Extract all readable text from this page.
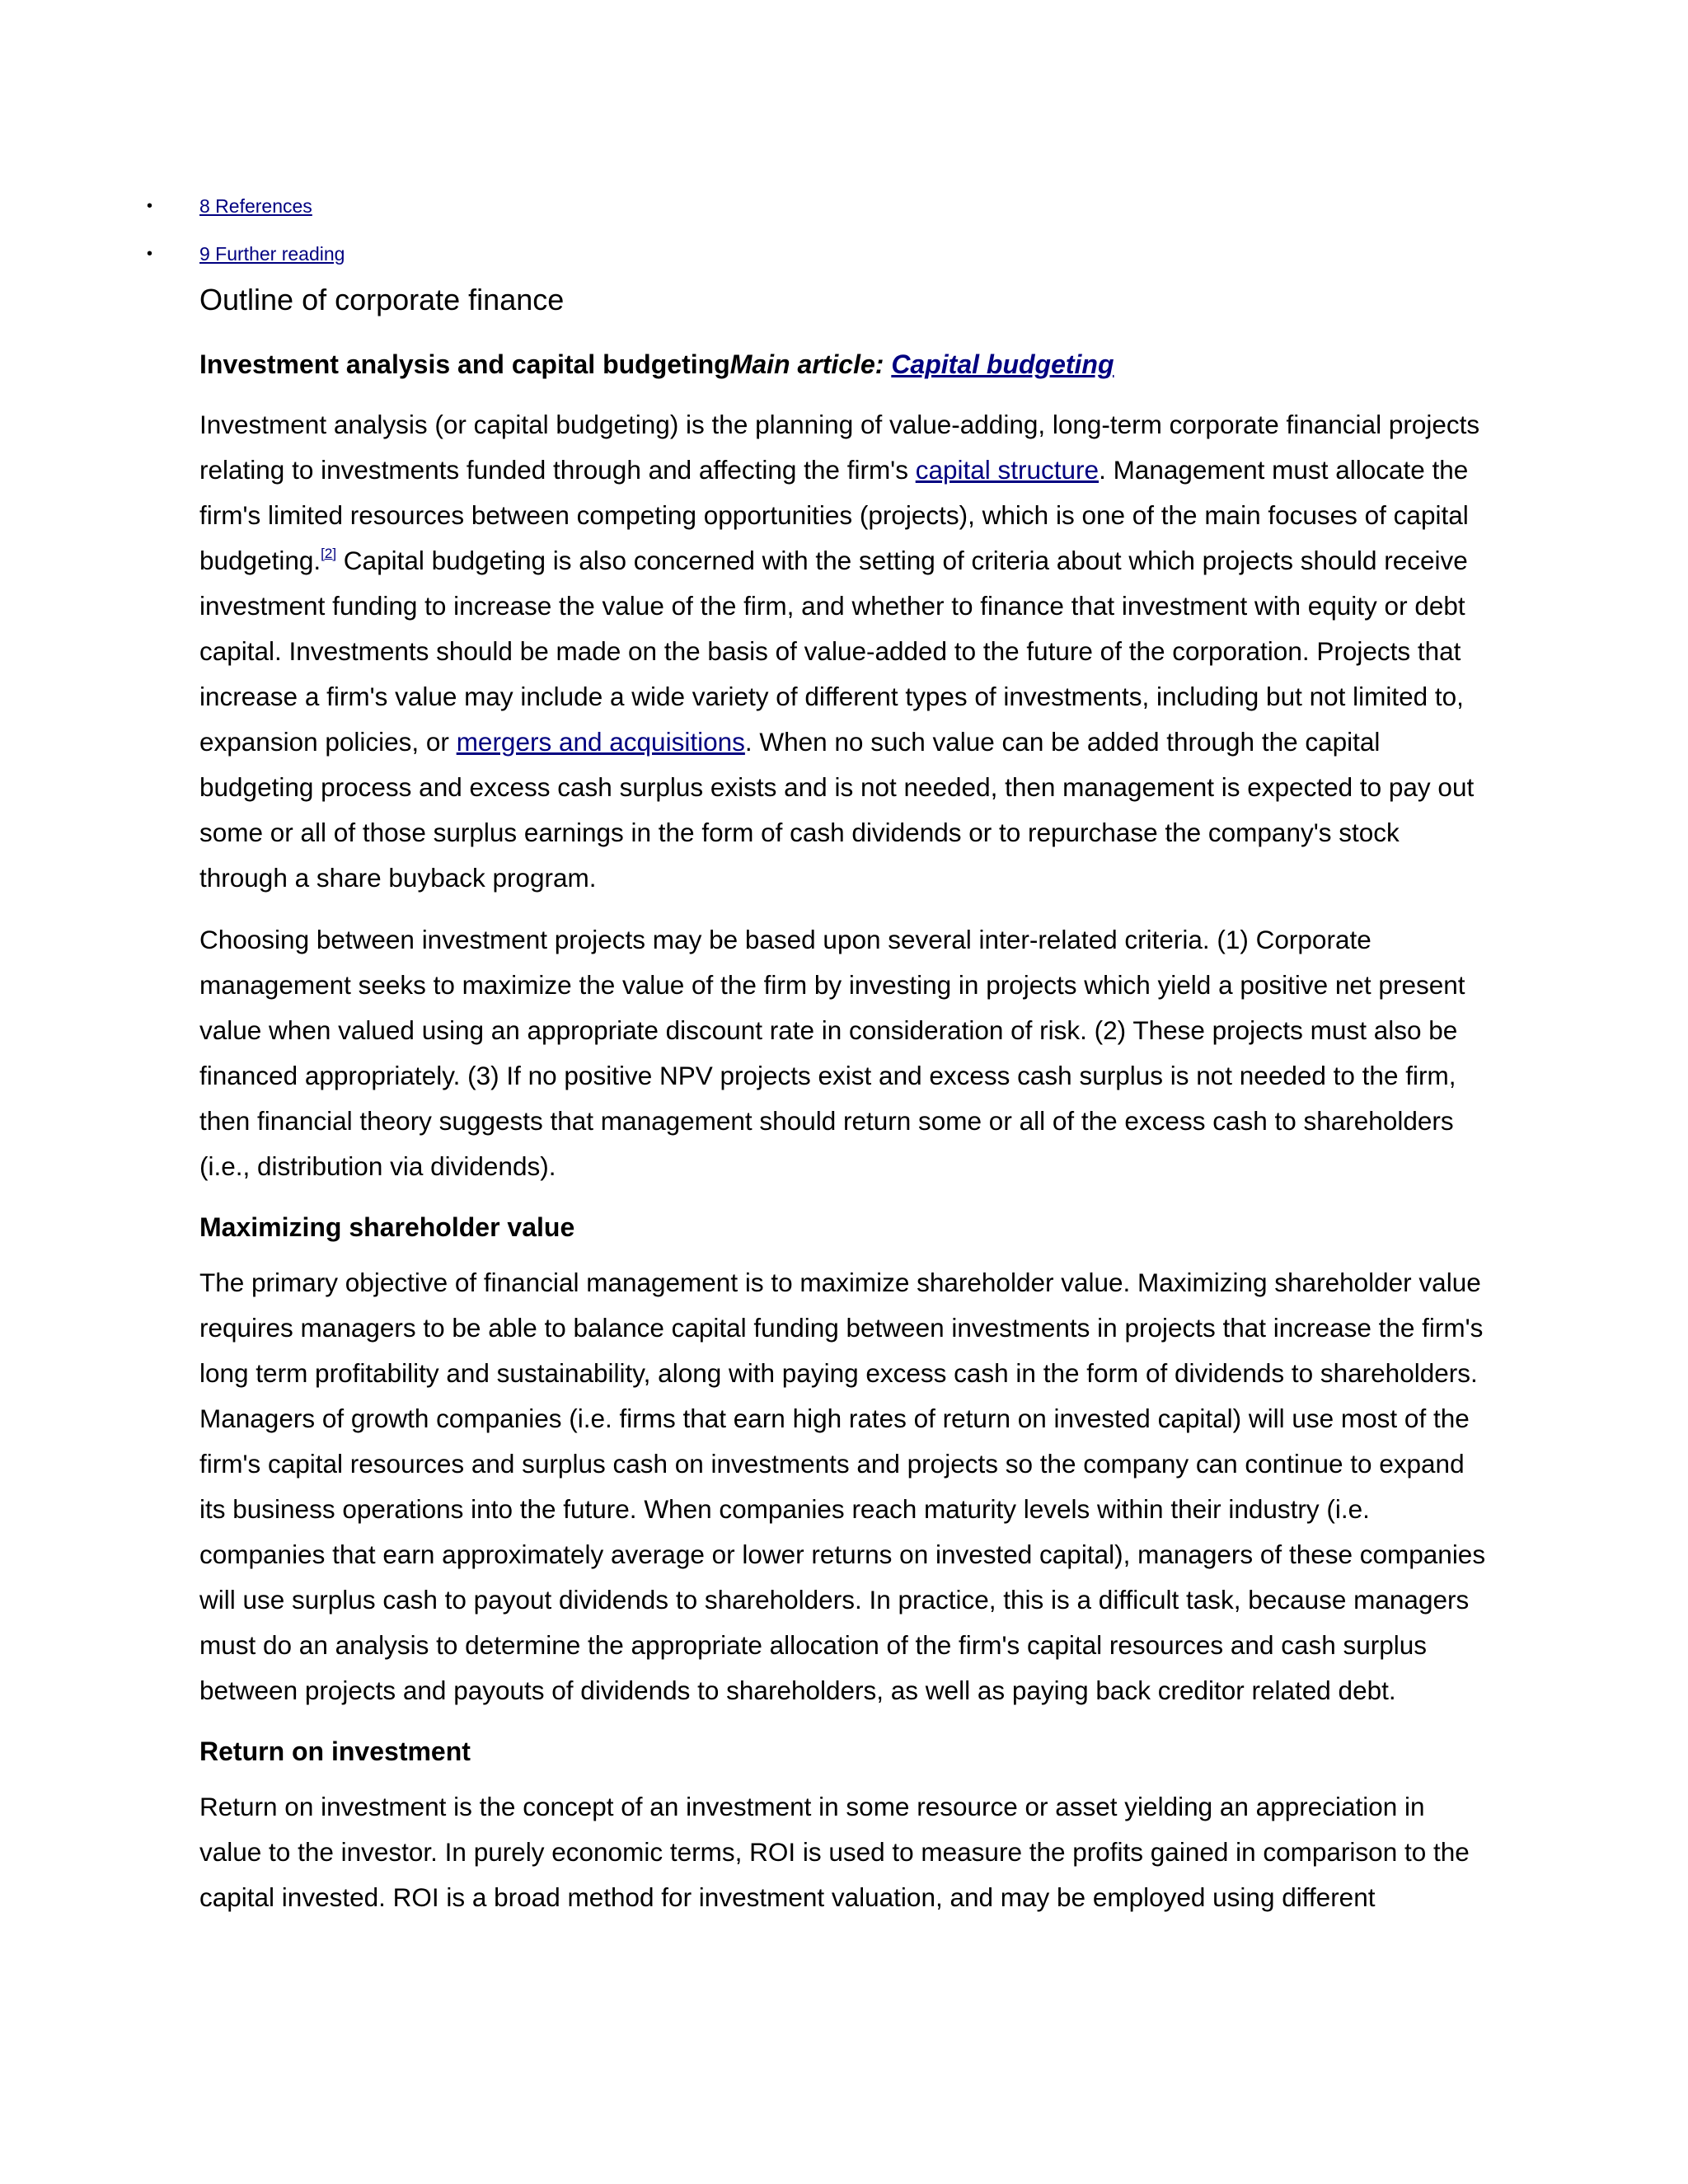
• 8 References
• 9 Further reading
Outline of corporate finance
Investment analysis and capital budgetingMain article: Capital budgeting

Investment analysis (or capital budgeting) is the planning of value-adding, long-term corporate financial projects relating to investments funded through and affecting the firm's capital structure. Management must allocate the firm's limited resources between competing opportunities (projects), which is one of the main focuses of capital budgeting.[2] Capital budgeting is also concerned with the setting of criteria about which projects should receive investment funding to increase the value of the firm, and whether to finance that investment with equity or debt capital. Investments should be made on the basis of value-added to the future of the corporation. Projects that increase a firm's value may include a wide variety of different types of investments, including but not limited to, expansion policies, or mergers and acquisitions. When no such value can be added through the capital budgeting process and excess cash surplus exists and is not needed, then management is expected to pay out some or all of those surplus earnings in the form of cash dividends or to repurchase the company's stock through a share buyback program.

Choosing between investment projects may be based upon several inter-related criteria. (1) Corporate management seeks to maximize the value of the firm by investing in projects which yield a positive net present value when valued using an appropriate discount rate in consideration of risk. (2) These projects must also be financed appropriately. (3) If no positive NPV projects exist and excess cash surplus is not needed to the firm, then financial theory suggests that management should return some or all of the excess cash to shareholders (i.e., distribution via dividends).

Maximizing shareholder value

The primary objective of financial management is to maximize shareholder value. Maximizing shareholder value requires managers to be able to balance capital funding between investments in projects that increase the firm's long term profitability and sustainability, along with paying excess cash in the form of dividends to shareholders. Managers of growth companies (i.e. firms that earn high rates of return on invested capital) will use most of the firm's capital resources and surplus cash on investments and projects so the company can continue to expand its business operations into the future. When companies reach maturity levels within their industry (i.e. companies that earn approximately average or lower returns on invested capital), managers of these companies will use surplus cash to payout dividends to shareholders. In practice, this is a difficult task, because managers must do an analysis to determine the appropriate allocation of the firm's capital resources and cash surplus between projects and payouts of dividends to shareholders, as well as paying back creditor related debt.

Return on investment

Return on investment is the concept of an investment in some resource or asset yielding an appreciation in value to the investor. In purely economic terms, ROI is used to measure the profits gained in comparison to the capital invested. ROI is a broad method for investment valuation, and may be employed using different
